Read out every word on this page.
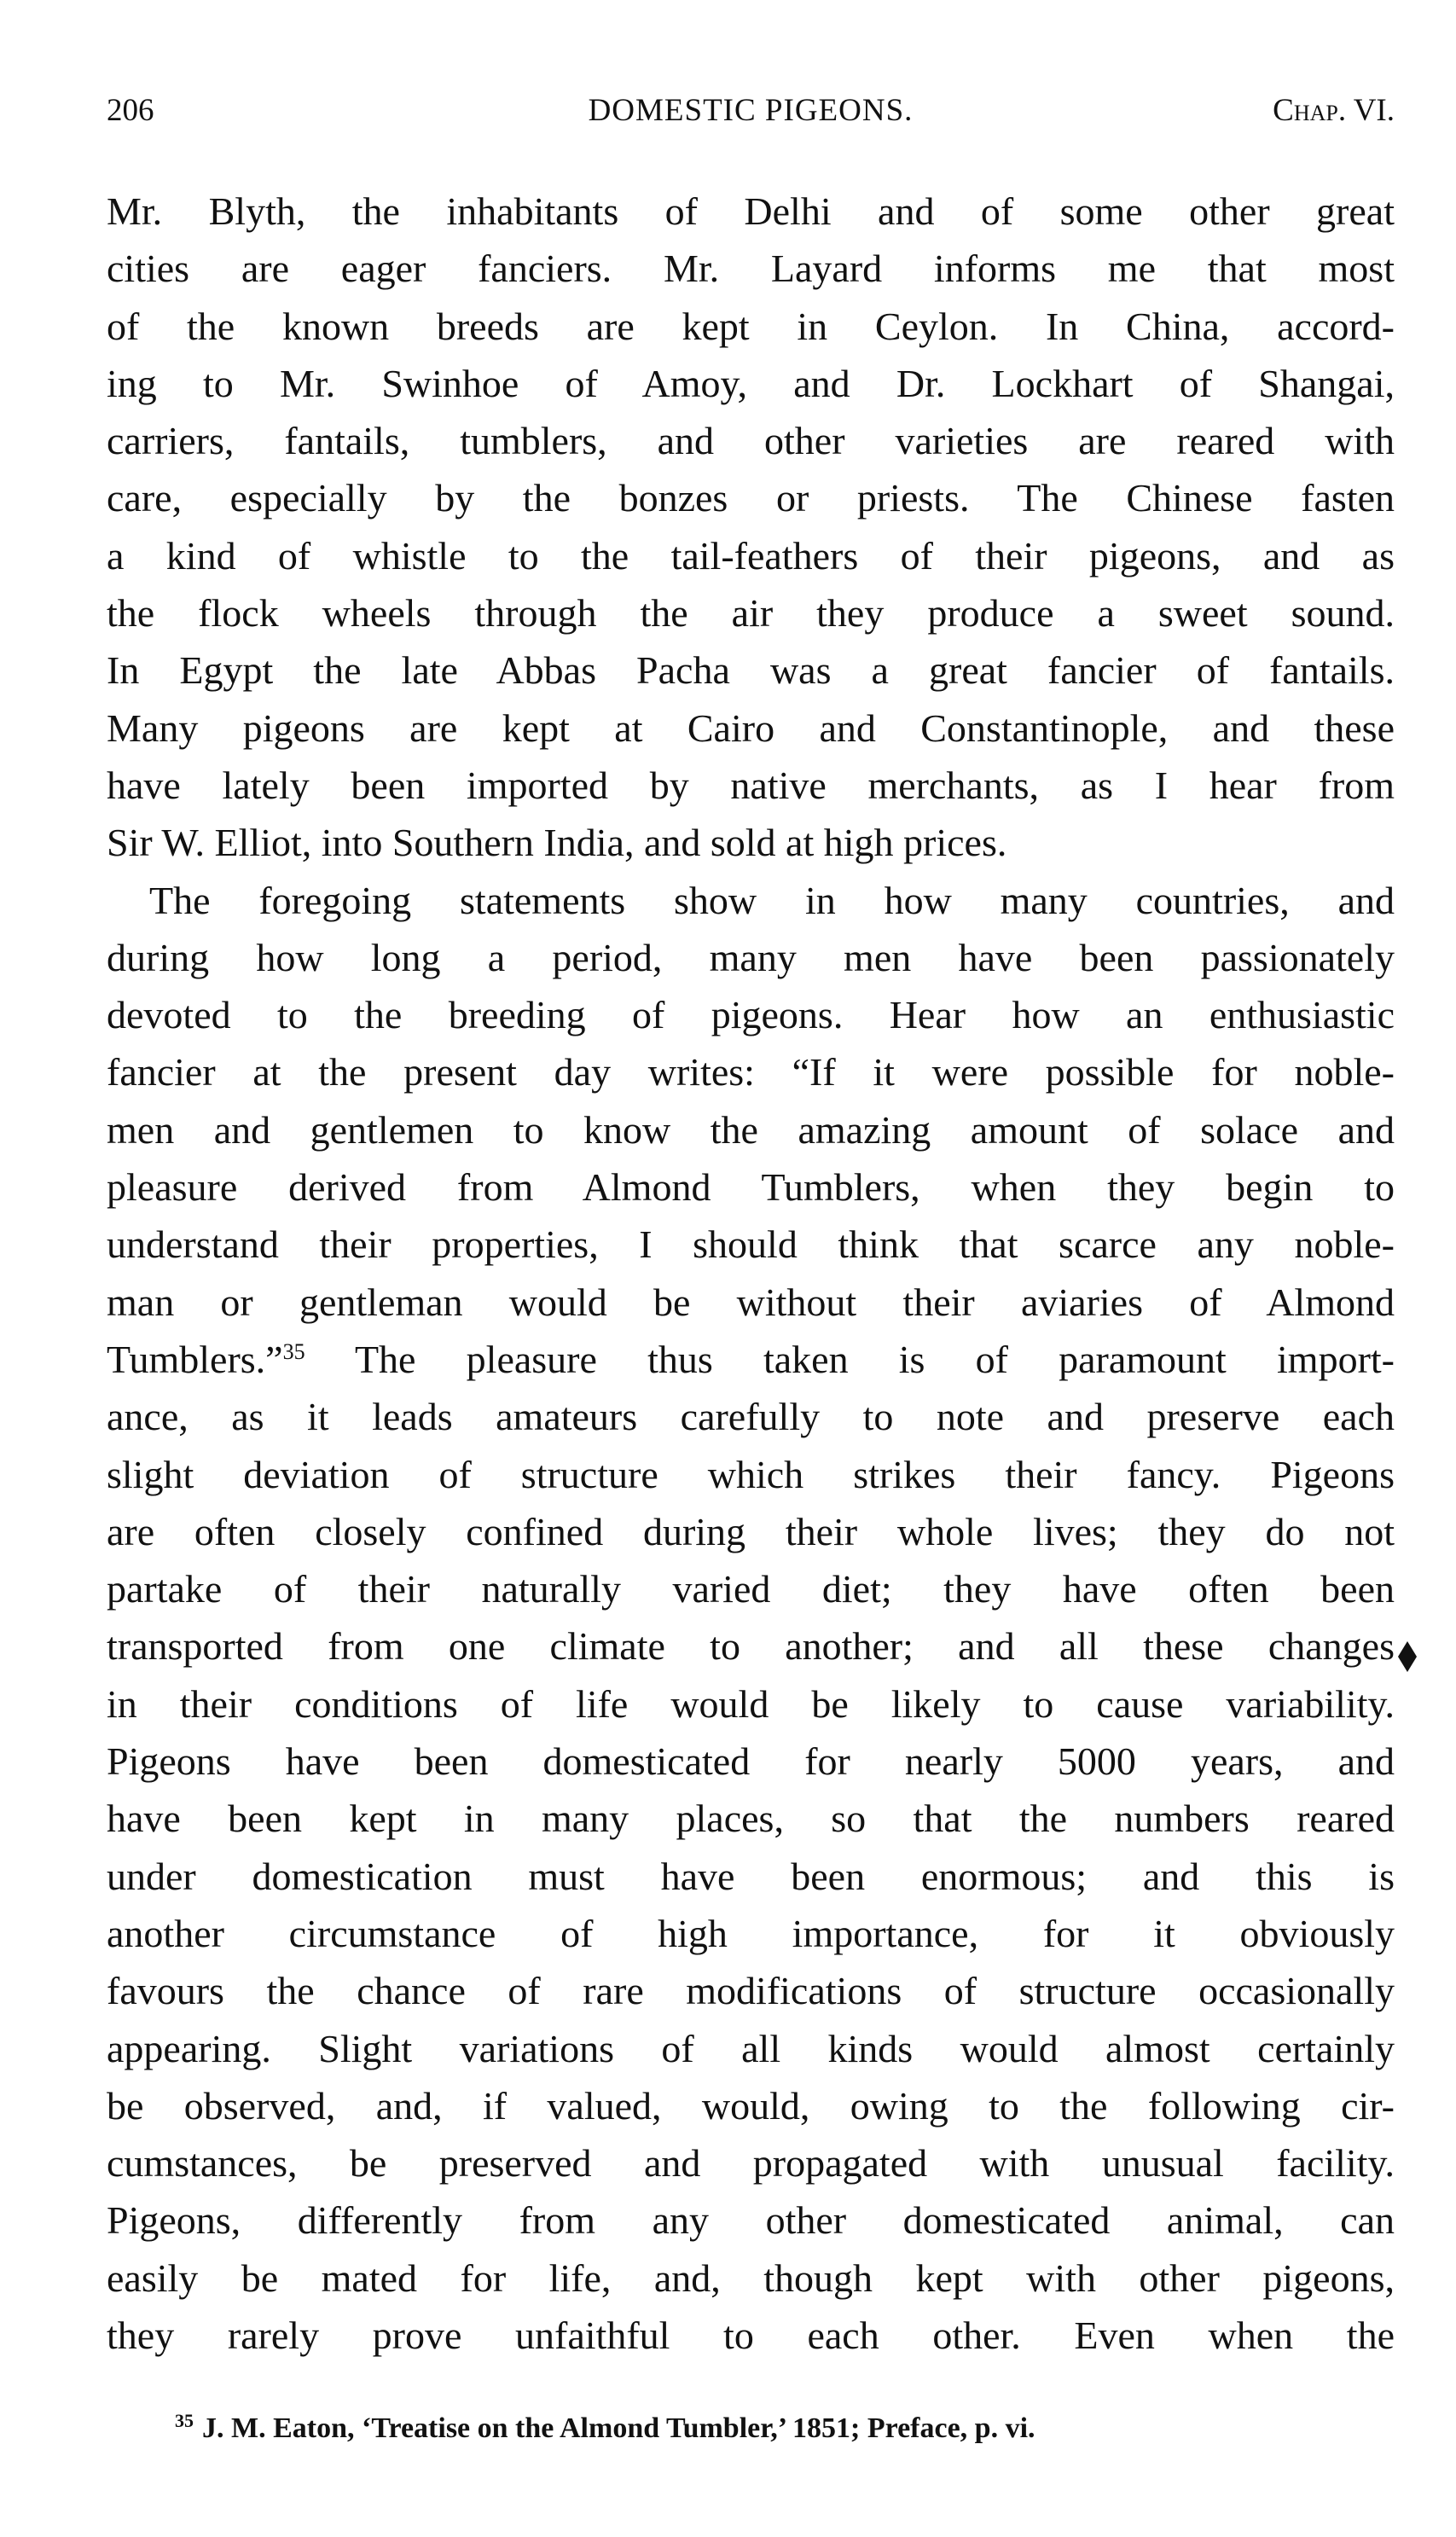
206	DOMESTIC PIGEONS.	Chap. VI.
Mr. Blyth, the inhabitants of Delhi and of some other great
cities are eager fanciers. Mr. Layard informs me that most
of the known breeds are kept in Ceylon. In China, accord-
ing to Mr. Swinhoe of Amoy, and Dr. Lockhart of Shangai,
carriers, fantails, tumblers, and other varieties are reared with
care, especially by the bonzes or priests. The Chinese fasten
a kind of whistle to the tail-feathers of their pigeons, and as
the flock wheels through the air they produce a sweet sound.
In Egypt the late Abbas Pacha was a great fancier of fantails.
Many pigeons are kept at Cairo and Constantinople, and these
have lately been imported by native merchants, as I hear from
Sir W. Elliot, into Southern India, and sold at high prices.
The foregoing statements show in how many countries, and
during how long a period, many men have been passionately
devoted to the breeding of pigeons. Hear how an enthusiastic
fancier at the present day writes: “If it were possible for noble-
men and gentlemen to know the amazing amount of solace and
pleasure derived from Almond Tumblers, when they begin to
understand their properties, I should think that scarce any noble-
man or gentleman would be without their aviaries of Almond
Tumblers.”$^{35}$ The pleasure thus taken is of paramount import-
ance, as it leads amateurs carefully to note and preserve each
slight deviation of structure which strikes their fancy. Pigeons
are often closely confined during their whole lives; they do not
partake of their naturally varied diet; they have often been
transported from one climate to another; and all these changes
in their conditions of life would be likely to cause variability.
Pigeons have been domesticated for nearly 5000 years, and
have been kept in many places, so that the numbers reared
under domestication must have been enormous; and this is
another circumstance of high importance, for it obviously
favours the chance of rare modifications of structure occasionally
appearing. Slight variations of all kinds would almost certainly
be observed, and, if valued, would, owing to the following cir-
cumstances, be preserved and propagated with unusual facility.
Pigeons, differently from any other domesticated animal, can
easily be mated for life, and, though kept with other pigeons,
they rarely prove unfaithful to each other. Even when the
$^{35}$ J. M. Eaton, ‘Treatise on the Almond Tumbler,’ 1851; Preface, p. vi.
